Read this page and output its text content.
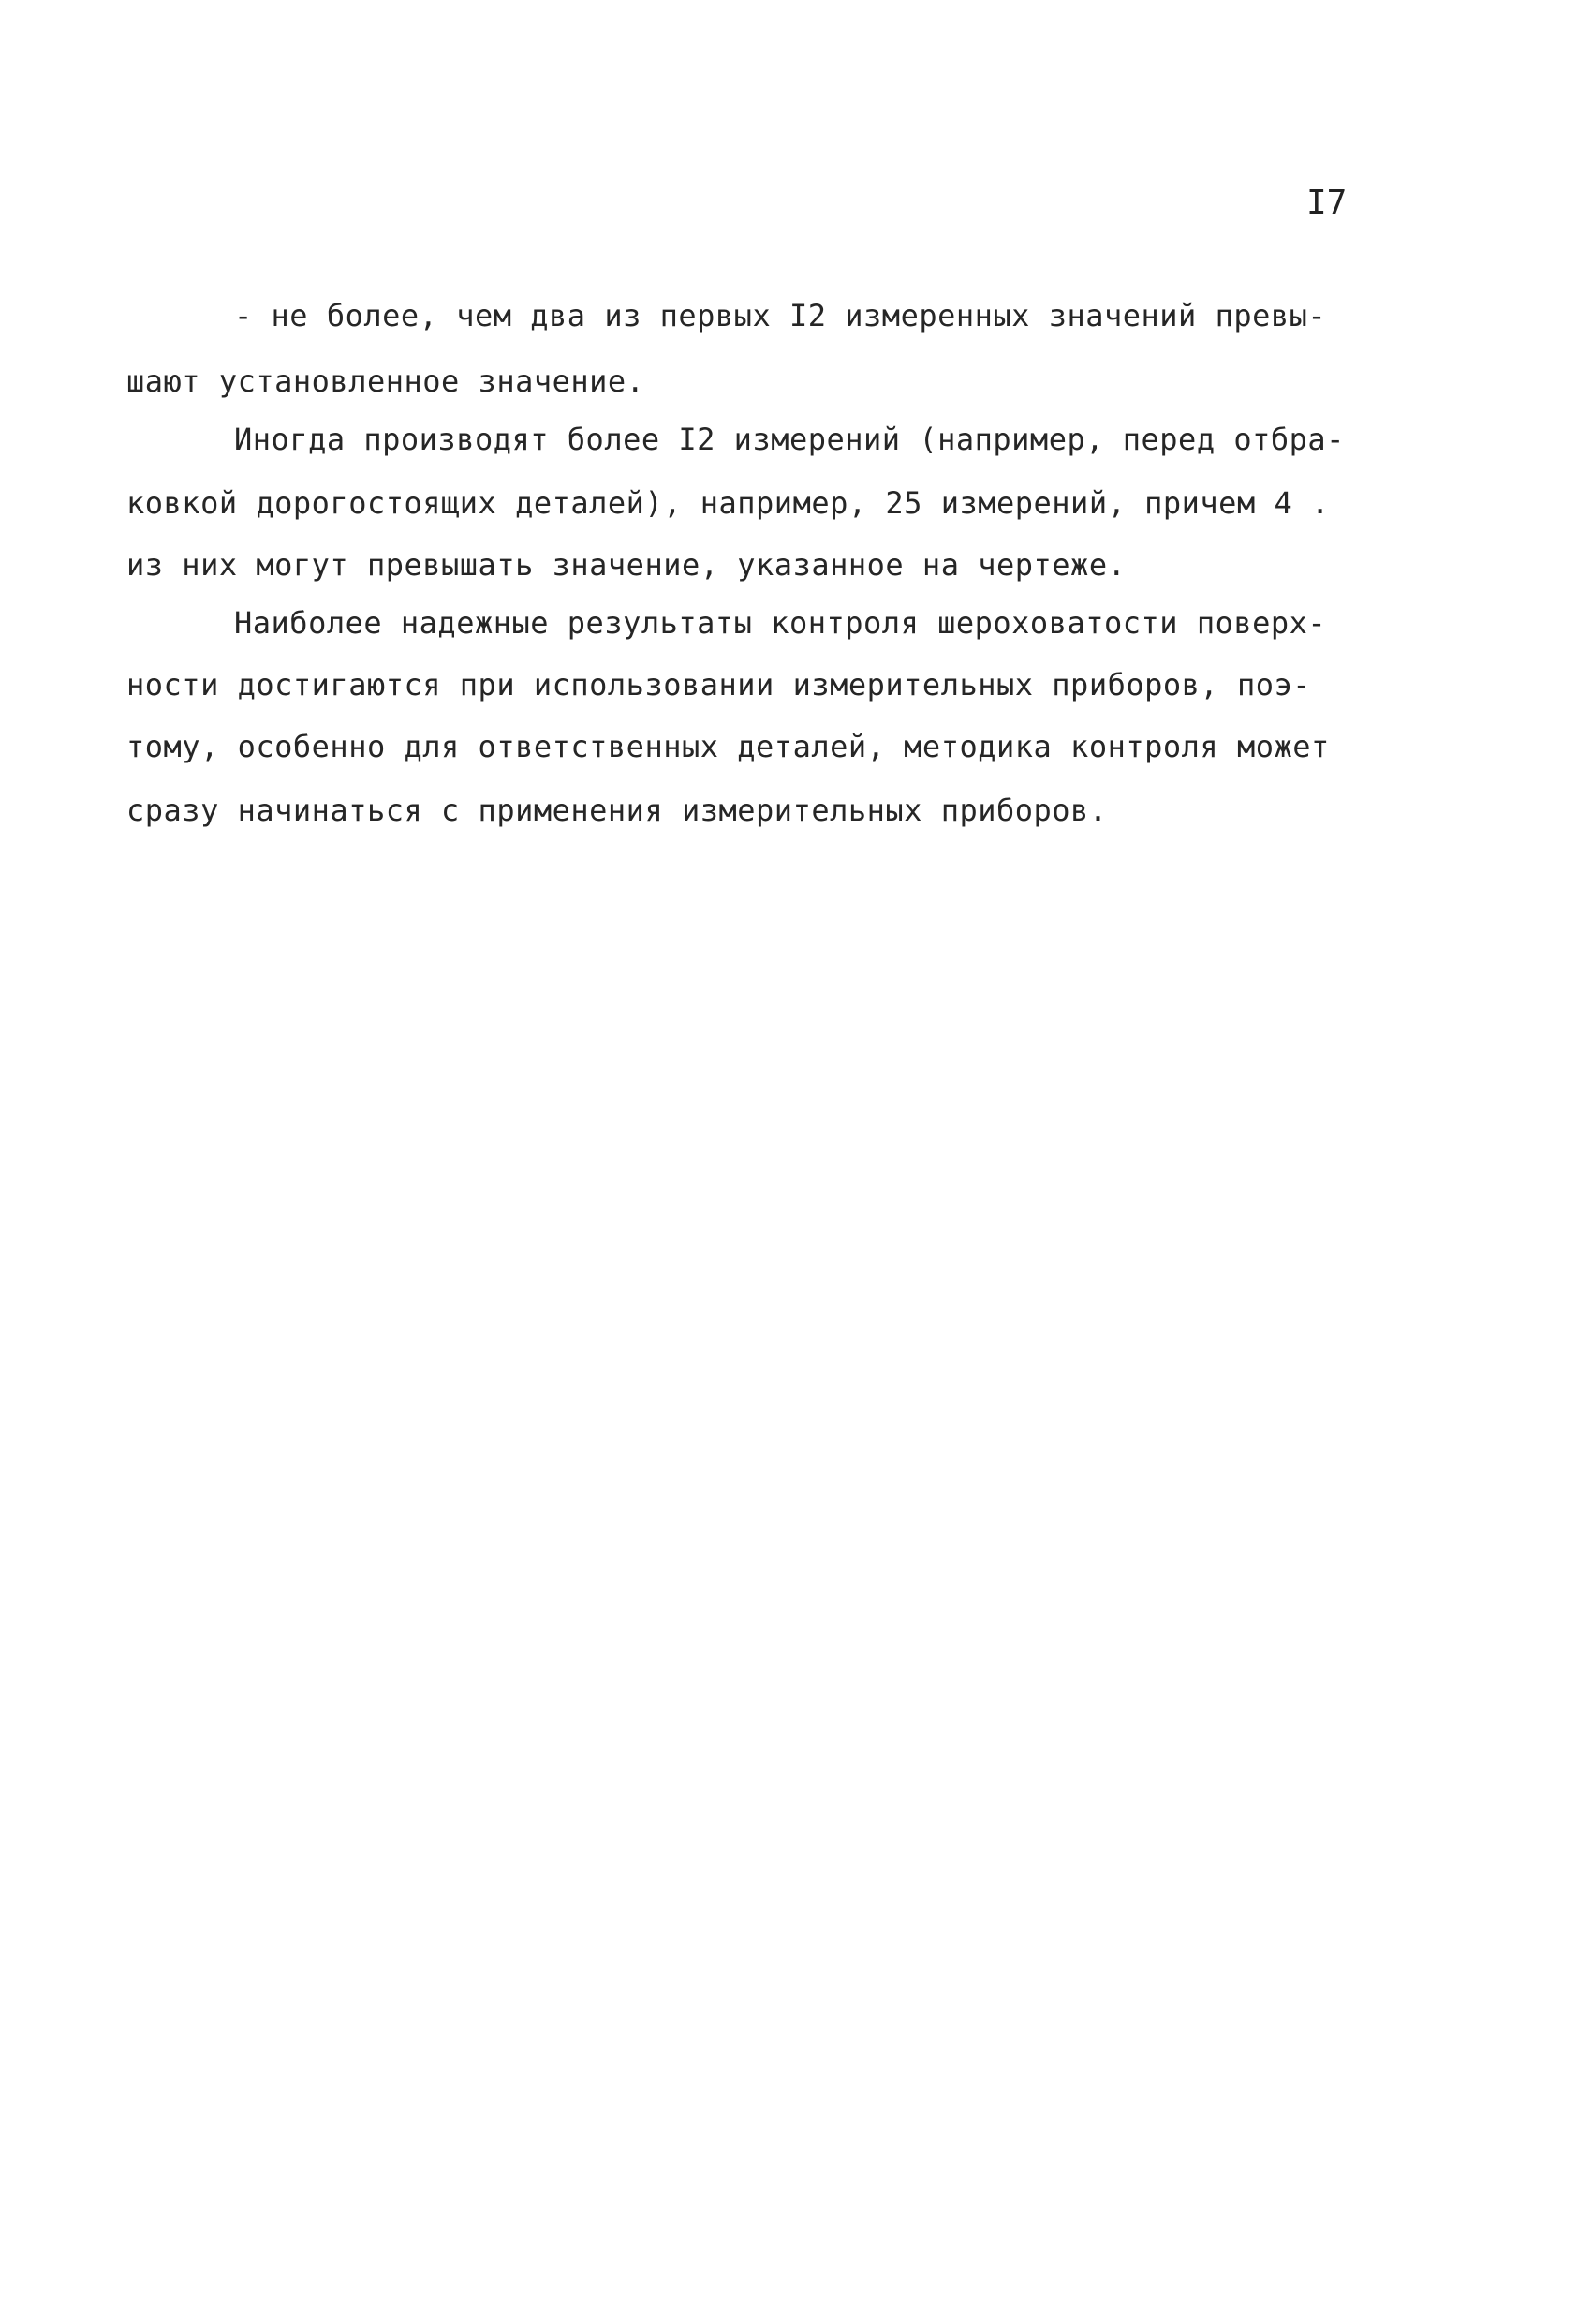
I7
- не более, чем два из первых I2 измеренных значений превы-
шают установленное значение.
Иногда производят более I2 измерений (например, перед отбра-
ковкой дорогостоящих деталей), например, 25 измерений, причем 4 .
из них могут превышать значение, указанное на чертеже.
Наиболее надежные результаты контроля шероховатости поверх-
ности достигаются при использовании измерительных приборов, поэ-
тому, особенно для ответственных деталей, методика контроля может
сразу начинаться с применения измерительных приборов.
